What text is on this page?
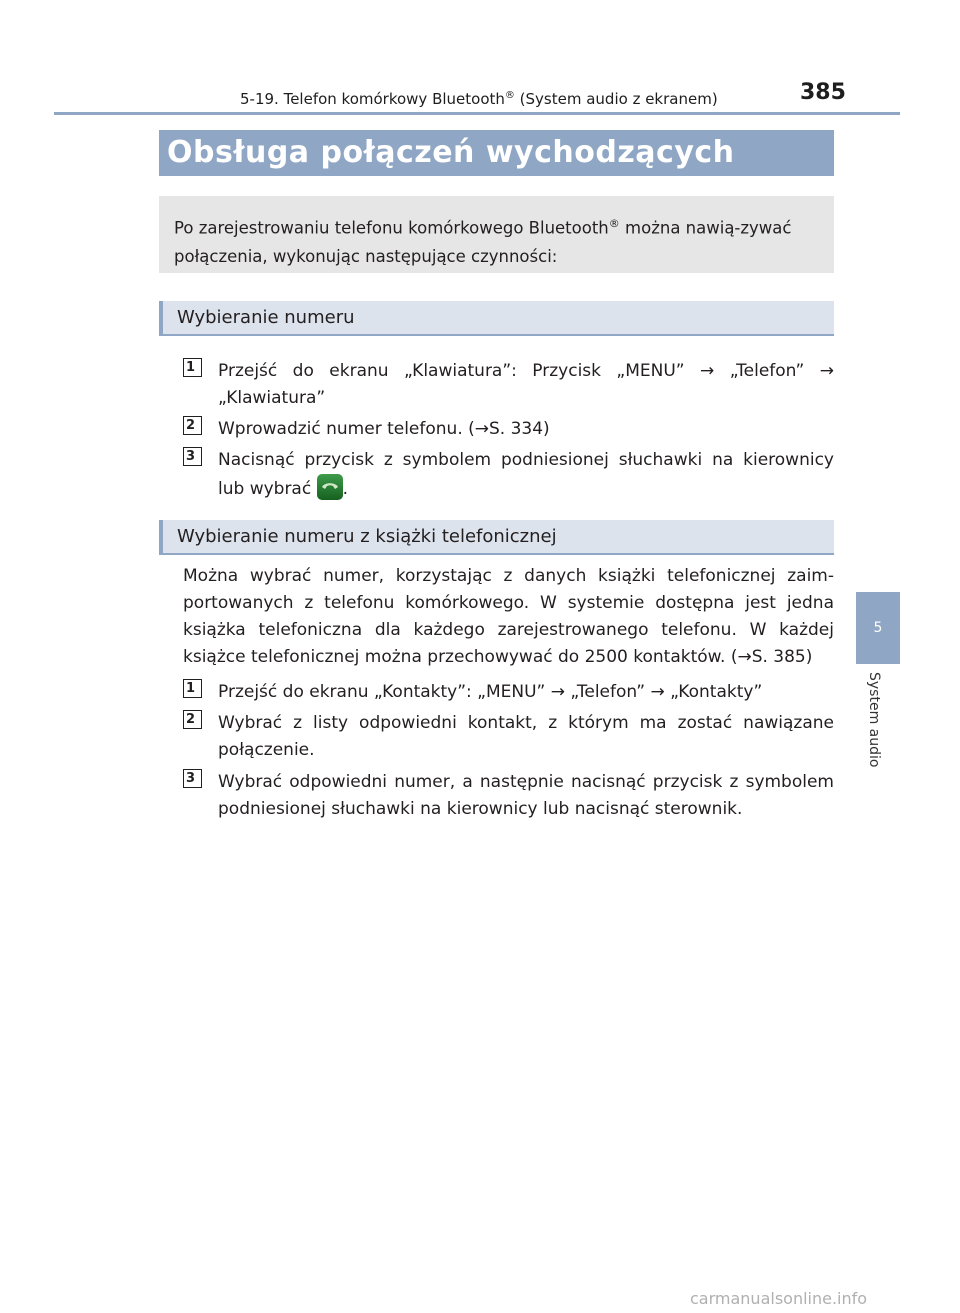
5-19. Telefon komórkowy Bluetooth® (System audio z ekranem)	385
5
System audio
Obsługa połączeń wychodzących
Po zarejestrowaniu telefonu komórkowego Bluetooth® można nawią-zywać połączenia, wykonując następujące czynności:
Wybieranie numeru
1	Przejść do ekranu „Klawiatura”: Przycisk „MENU” → „Telefon” → „Klawiatura”
2	Wprowadzić numer telefonu. (→S. 334)
3	Nacisnąć przycisk z symbolem podniesionej słuchawki na kierownicy lub wybrać .
Wybieranie numeru z książki telefonicznej
Można wybrać numer, korzystając z danych książki telefonicznej zaim-portowanych z telefonu komórkowego. W systemie dostępna jest jedna książka telefoniczna dla każdego zarejestrowanego telefonu. W każdej książce telefonicznej można przechowywać do 2500 kontaktów. (→S. 385)
1	Przejść do ekranu „Kontakty”: „MENU” → „Telefon” → „Kontakty”
2	Wybrać z listy odpowiedni kontakt, z którym ma zostać nawiązane połączenie.
3	Wybrać odpowiedni numer, a następnie nacisnąć przycisk z symbolem podniesionej słuchawki na kierownicy lub nacisnąć sterownik.
carmanualsonline.info
